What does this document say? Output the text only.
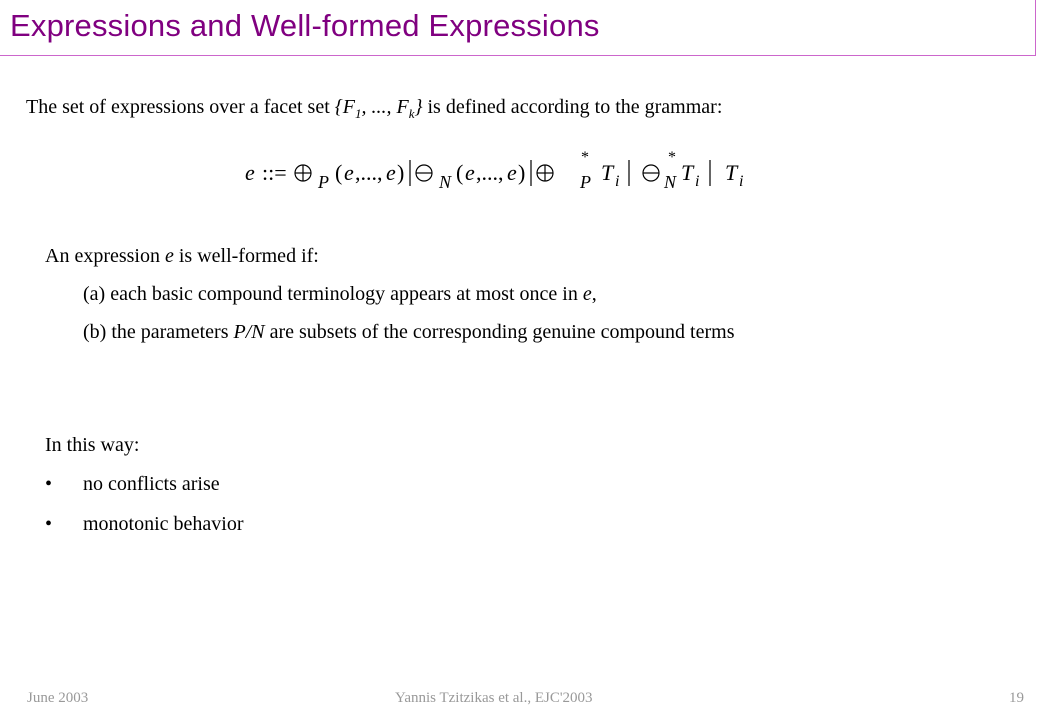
Expressions and Well-formed Expressions
The set of expressions over a facet set {$F_1$, ..., $F_k$} is defined according to the grammar:
e ::= P ( e ,..., e ) N ( e ,..., e )
*
P T i
*
N T i T i
An expression e is well-formed if:
(a) each basic compound terminology appears at most once in e,
(b) the parameters P/N are subsets of the corresponding genuine compound terms
In this way:
• no conflicts arise
• monotonic behavior
June 2003	Yannis Tzitzikas et al., EJC'2003	19
